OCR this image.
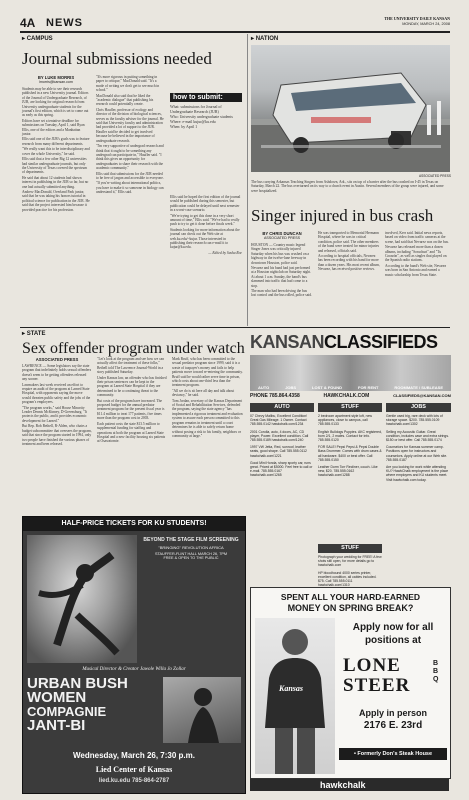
4A NEWS	THE UNIVERSITY DAILY KANSAN
MONDAY, MARCH 24, 2008
▸ CAMPUS
Journal submissions needed
BY LUKE MORRIS
lmorris@kansan.com

Students may be able to see their research published in a new University journal. Editors of the Journal of Undergraduate Research, of JUR, are looking for original research from University undergraduate students for the journal's first edition, which is set to come out as early as this spring.

Editors have set a tentative deadline for submissions on Tuesday, April 1, said Ryan Ellis, one of the editors and a Manhattan junior.

Ellis said one of the JUR's goals was to feature research from many different departments.

"We really want this to be interdisciplinary and cover the whole University," he said.

Ellis said that a few other Big 12 universities had similar undergraduate journals, but only the University of Texas covered the spectrum of departments.

He said that about 12 students had shown interest in publishing in the JUR so far, but no one had actually submitted anything.

Andrew MacDonald, Overland Park junior, said that he was taking his honors tutorial in political science for publication in the JUR. He said that the project interested him because it provided practice for his profession.

"It's more rigorous in putting something in paper to critique," MacDonald said. "It's a mode of writing we don't get to see much in school."

MacDonald also said that he liked the "academic dialogue" that publishing his research could potentially create.

Chris Haufler, professor of ecology and director of the division of biological sciences, serves as the faculty adviser for the journal. He said that University faculty and administration had provided a lot of support to the JUR. Haufler said he decided to get involved because he believed in the importance of undergraduate research.

"I'm very supportive of undergrad research and think that it ought to be something any undergrad can participate in," Haufler said. "I think this gives an opportunity for undergraduates to share their research with the academic community."

Ellis said that submissions for the JUR needed to be free of jargon and accessible to everyone.

"If you're writing about international politics, you have to make it so someone in biology can understand it," Ellis said.

how to submit:
What: submissions for Journal of Undergraduate Research (JUR)
Who: University undergraduate students
Where: e-mail kujur@ku.edu
When: by April 1

Ellis said he hoped the first edition of the journal would be published during this semester, but publication could be delayed until next semester in a worst-case scenario.

"We're trying to get this done in a very short amount of time," Ellis said. "We've had to really push to try to get it done before finals week."

Students looking for more information about the journal can check out the Web site at web.ku.edu/~kujur. Those interested in publishing their research can e-mail it to kujur@ku.edu.

— Edited by Sasha Roe

▸ NATION
ASSOCIATED PRESS
The bus carrying Arkansas Teaching Singers from Ashdown, Ark., sits on top of a barrier after the bus crashed on I-45 in Texas on Saturday, March 22. The bus overturned on its way to a church event in Austin. Several members of the group were injured, and some were hospitalized.
Singer injured in bus crash
BY CHRIS DUNCAN
ASSOCIATED PRESS

HOUSTON — Country music legend Singer Jones was critically injured Saturday when his bus was crushed on a highway in the twelve-lane freeway in downtown Houston, police said.

Nevarez and his band had just performed at a Houston nightclub on Saturday night. At about 1 a.m. Sunday, the band's bus slammed into traffic that had come to a stop.

The man who had been driving the bus lost control and the bus rolled, police said.

He was transported to Memorial Hermann Hospital, where he was in critical condition, police said. The other members of the band were treated for minor injuries and released, officials said.

According to hospital officials, Nevarez has been recording with his band for more than a dozen years. His most recent album, Nevarez, has received positive reviews.

involved, Kerr said. Initial news reports, based on video from traffic cameras at the scene, had said that Nevarez was on the bus.

Nevarez has released more than a dozen albums, including "Soruchuri" and "Tu Corazón", as well as singles that played on the Spanish radio stations.

According to the band's Web site, Nevarez was born in San Antonio and earned a music scholarship from Texas State.

▸ STATE
Sex offender program under watch
ASSOCIATED PRESS

LAWRENCE — Some legislators say the state program that indefinitely holds sexual offenders doesn't seem to be getting offenders released any sooner.

Lawmakers last week received an effort to require an audit of the program at Larned State Hospital, with opponents saying the move would threaten public safety and the jobs of the program's employees.

"The program works," said House Minority Leader Dennis McKinney, D-Greensburg. "It protects the public, and it provides economic development for Larned."

But Rep. Bob Bethell, R-Alden, who chairs a budget subcommittee that oversees the program, said that since the program started in 1994, only two people have finished the various phases of treatment and been released.

"Let's look at the program and see how we can actually affect the treatment of these folks," Bethell told The Lawrence Journal-World in a story published Saturday.

Under Kansas law, an offender who has finished their prison sentences can be kept in the program at Larned State Hospital if they are determined to be a continuing threat to the community.

But costs of the program have increased. The proposed budget for the annual predator treatment program for the present fiscal year is $11.4 million to treat 177 patients, five times more than the program cost in 2003.

Each patient costs the state $13.5 million to supplemental funding for staffing and operations at both the program at Larned State Hospital and a new facility housing six patients at Osawatomie.

Mark Bruff, who has been committed to the sexual predator program since 1999, said it is a waste of taxpayer's money and fails to help patients move toward re-entering the community. Bruff said he would rather serve time in prison, which costs about one-third less than the treatment program.

"All we do is sit here all day and talk about deviancy," he said.

Tom Jordan, secretary of the Kansas Department of Social and Rehabilitation Services, defended the program, saying the state agency "has implemented a rigorous treatment and evaluation system to assure each person committed to this program remains in treatment until a court determines he is able to safely return home without posing a risk to his family, neighbors or community at large."

HALF-PRICE TICKETS FOR KU STUDENTS!
BEYOND THE STAGE FILM SCREENING
"BRINGING" REVOLUTION AFRICA
STAUFFER-FLINT HALL MARCH 26, 7PM
FREE & OPEN TO THE PUBLIC
Musical Director & Creator Jawole Willa Jo Zollar
URBAN BUSH
WOMEN
COMPAGNIE
JANT-BI
Wednesday, March 26, 7:30 p.m.
Lied Center of Kansas
lied.ku.edu 785-864-2787
KANSANCLASSIFIEDS
AUTO	JOBS	LOST & FOUND	FOR RENT	ROOMMATE / SUBLEASE
PHONE 785.864.4358	HAWKCHALK.COM	CLASSIFIEDS@KANSAN.COM
AUTO	STUFF	JOBS

07 Chevy Malibu, Excellent Condition! Great Gas Mileage. 1 Owner. Contact 785.555.0142 hawkchalk.com/1234

2001 Corolla, auto, 4 doors, AC, CD player, Power. Excellent condition. Call 785.555.0189 hawkchalk.com/1240

1997 VW Jetta, Red, sunroof, leather seats, good shape. Call 785.555.0112 hawkchalk.com/1221

Good Mini Honda, sharp sporty car, runs great. Priced at $5000. Feel free to call or e-mail. 785.555.0167 hawkchalk.com/1265

2 bedroom apartment style loft, new appliances, close to campus, call 785.555.0133

English Bulldogs Puppies. AKC registered, born 2/1, 2 males. Contact for info. 785.555.0120

FOR SALE! Pepsi Pepsi & Pepsi Double Bass Drummer. Comes with drum cases & all hardware. $400 or best offer. Call 785.555.0150

Leather Dorm Torr Recliner, couch. Like new, $20. 785.555.0162 hawkchalk.com/1288

Gentle used big, rare deck with lots of storage space. $200. 785.555.0109 hawkchalk.com/1302

Selling my Acoustic Guitar. Great condition, includes case and extra strings. $150 or best offer. Call 785.555.0174

Counselors for Kansas summer camp. Positions open for instructors and counselors. Apply online at our Web site. 785.555.0187

Are you looking for work while attending KU? HawkChalk employment is the place where employers and KU students meet. Visit hawkchalk.com today.

STUFF

Photograph your wedding for FREE! A few shots still open, for more details go to hawkchalk.com

HP bloodhound 4000 series printer, excellent condition, all cables included. $75. Call 785.555.0111 hawkchalk.com/1310

SPENT ALL YOUR HARD-EARNED
MONEY ON SPRING BREAK?
Kansas
Apply now for all
positions at
LONE
STEER
BBQ
Apply in person
2176 E. 23rd
• Formerly Don's Steak House
hawkchalk
